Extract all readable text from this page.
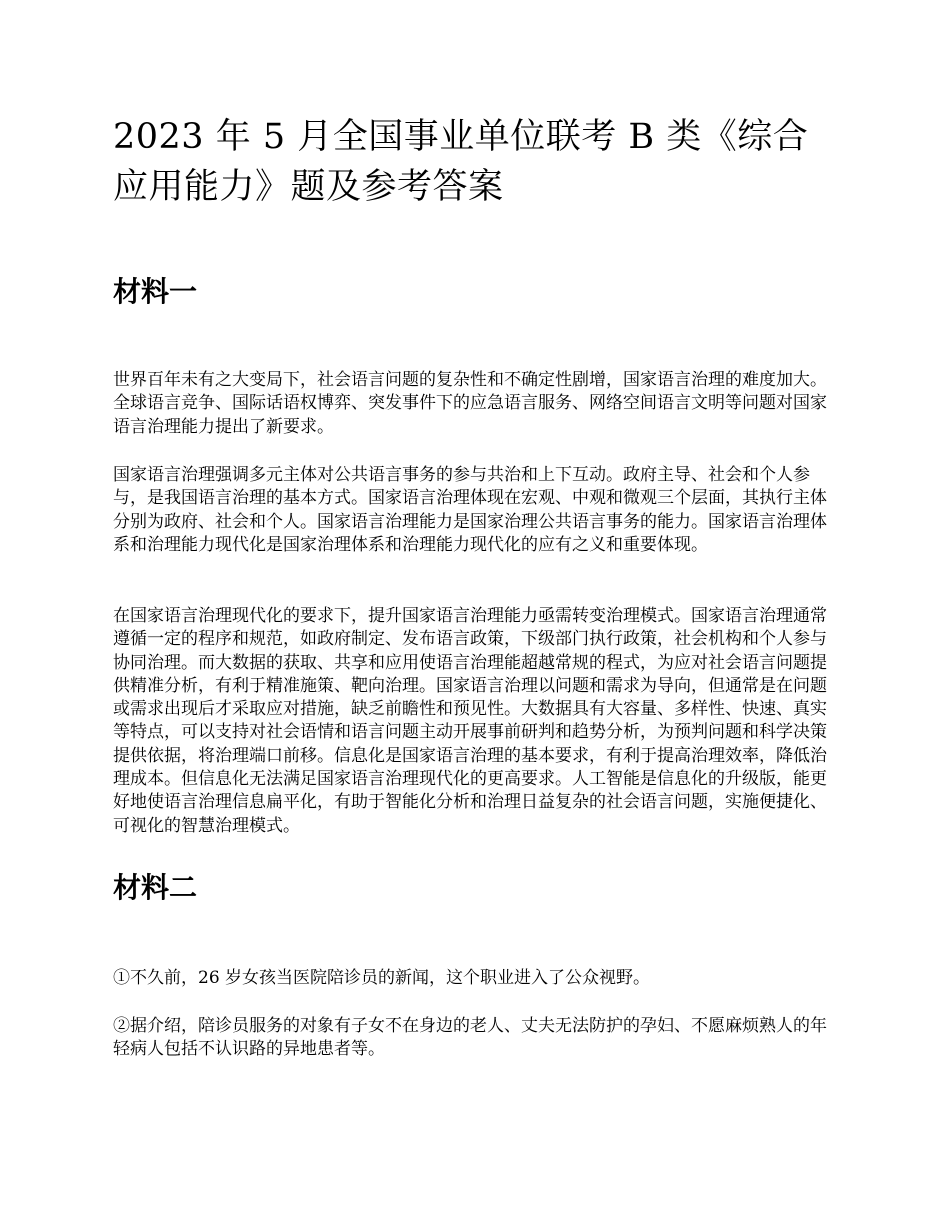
2023 年 5 月全国事业单位联考 B 类《综合应用能力》题及参考答案
材料一

世界百年未有之大变局下，社会语言问题的复杂性和不确定性剧增，国家语言治理的难度加大。全球语言竞争、国际话语权博弈、突发事件下的应急语言服务、网络空间语言文明等问题对国家语言治理能力提出了新要求。

国家语言治理强调多元主体对公共语言事务的参与共治和上下互动。政府主导、社会和个人参与，是我国语言治理的基本方式。国家语言治理体现在宏观、中观和微观三个层面，其执行主体分别为政府、社会和个人。国家语言治理能力是国家治理公共语言事务的能力。国家语言治理体系和治理能力现代化是国家治理体系和治理能力现代化的应有之义和重要体现。

在国家语言治理现代化的要求下，提升国家语言治理能力亟需转变治理模式。国家语言治理通常遵循一定的程序和规范，如政府制定、发布语言政策，下级部门执行政策，社会机构和个人参与协同治理。而大数据的获取、共享和应用使语言治理能超越常规的程式，为应对社会语言问题提供精准分析，有利于精准施策、靶向治理。国家语言治理以问题和需求为导向，但通常是在问题或需求出现后才采取应对措施，缺乏前瞻性和预见性。大数据具有大容量、多样性、快速、真实等特点，可以支持对社会语情和语言问题主动开展事前研判和趋势分析，为预判问题和科学决策提供依据，将治理端口前移。信息化是国家语言治理的基本要求，有利于提高治理效率，降低治理成本。但信息化无法满足国家语言治理现代化的更高要求。人工智能是信息化的升级版，能更好地使语言治理信息扁平化，有助于智能化分析和治理日益复杂的社会语言问题，实施便捷化、可视化的智慧治理模式。

材料二

①不久前，26 岁女孩当医院陪诊员的新闻，这个职业进入了公众视野。

②据介绍，陪诊员服务的对象有子女不在身边的老人、丈夫无法防护的孕妇、不愿麻烦熟人的年轻病人包括不认识路的异地患者等。
